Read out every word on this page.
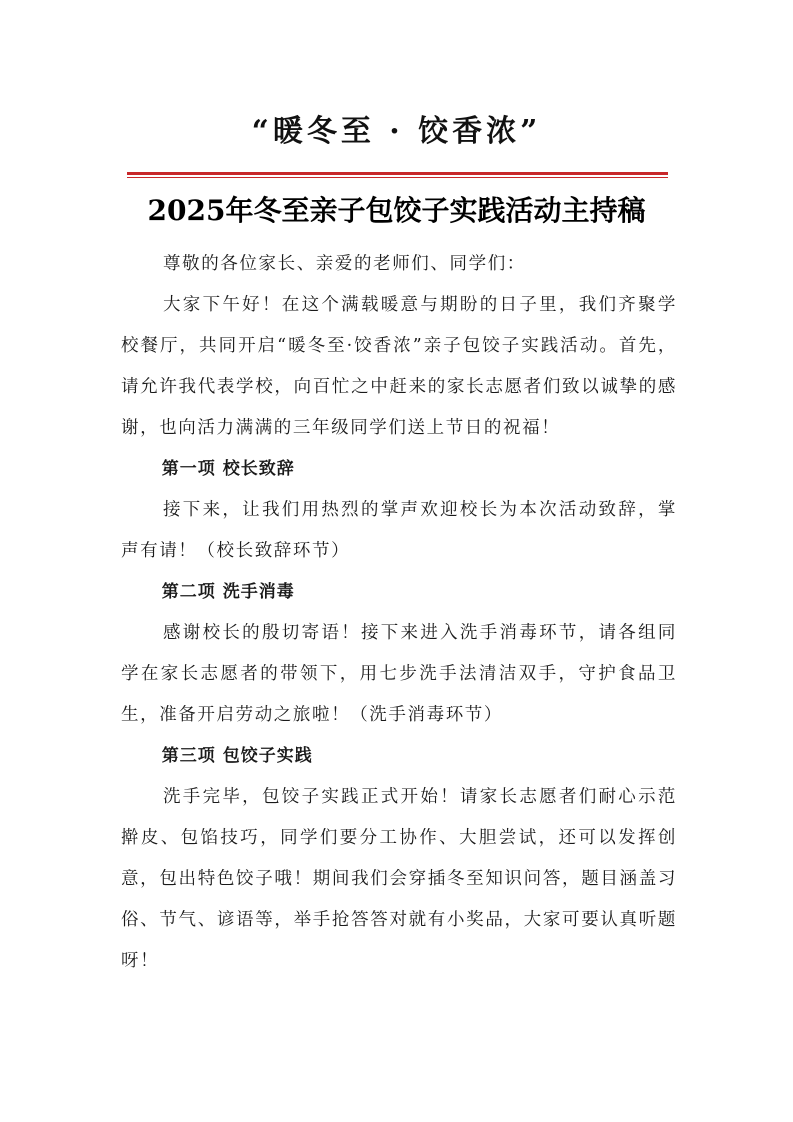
“暖冬至 · 饺香浓”
2025年冬至亲子包饺子实践活动主持稿

尊敬的各位家长、亲爱的老师们、同学们：

大家下午好！在这个满载暖意与期盼的日子里，我们齐聚学校餐厅，共同开启“暖冬至·饺香浓”亲子包饺子实践活动。首先，请允许我代表学校，向百忙之中赶来的家长志愿者们致以诚挚的感谢，也向活力满满的三年级同学们送上节日的祝福！

第一项 校长致辞

接下来，让我们用热烈的掌声欢迎校长为本次活动致辞，掌声有请！（校长致辞环节）

第二项 洗手消毒

感谢校长的殷切寄语！接下来进入洗手消毒环节，请各组同学在家长志愿者的带领下，用七步洗手法清洁双手，守护食品卫生，准备开启劳动之旅啦！（洗手消毒环节）

第三项 包饺子实践

洗手完毕，包饺子实践正式开始！请家长志愿者们耐心示范擀皮、包馅技巧，同学们要分工协作、大胆尝试，还可以发挥创意，包出特色饺子哦！期间我们会穿插冬至知识问答，题目涵盖习俗、节气、谚语等，举手抢答答对就有小奖品，大家可要认真听题呀！
